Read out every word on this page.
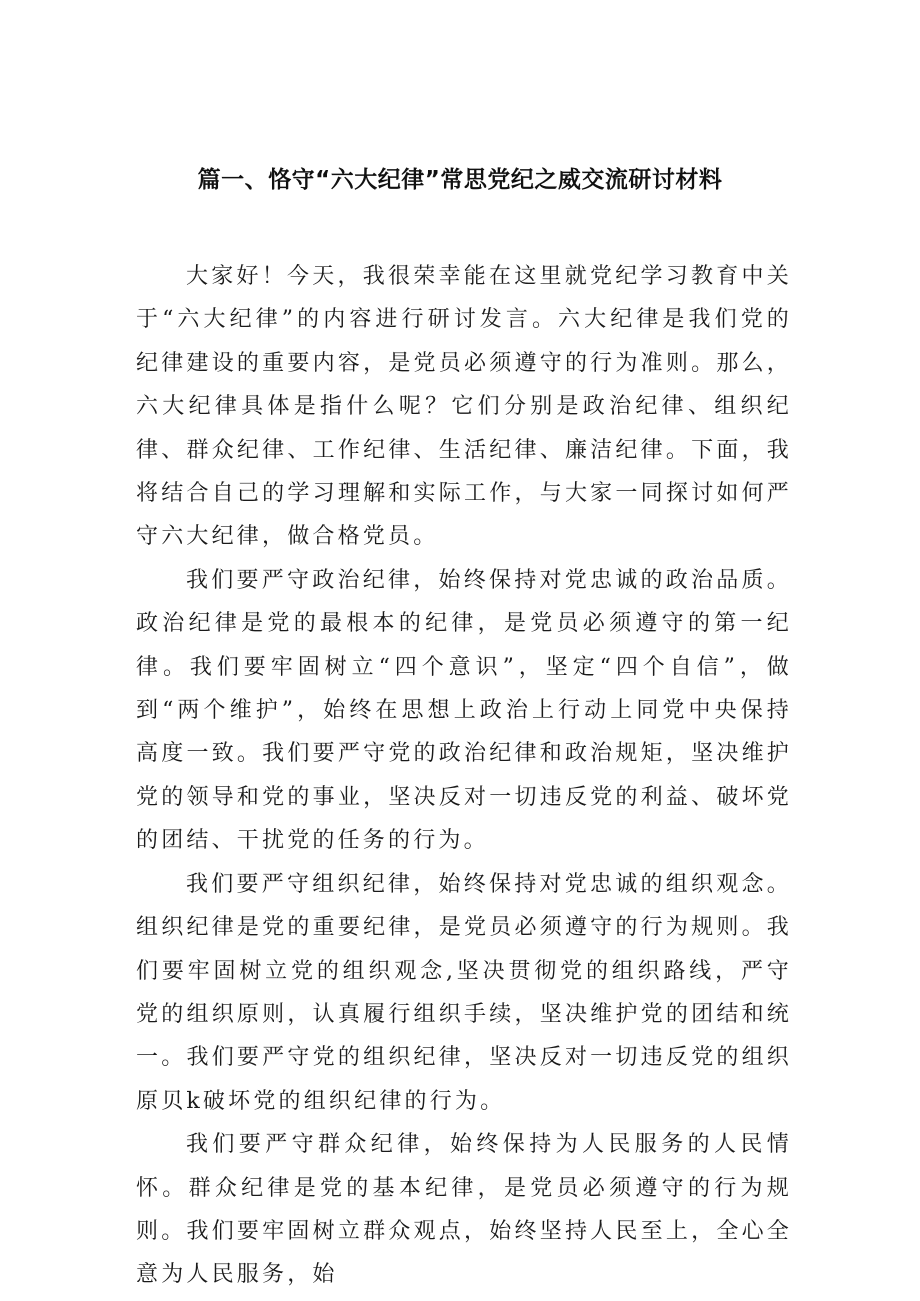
篇一、恪守“六大纪律”常思党纪之威交流研讨材料

大家好！今天，我很荣幸能在这里就党纪学习教育中关于“六大纪律”的内容进行研讨发言。六大纪律是我们党的纪律建设的重要内容，是党员必须遵守的行为准则。那么，六大纪律具体是指什么呢？它们分别是政治纪律、组织纪律、群众纪律、工作纪律、生活纪律、廉洁纪律。下面，我将结合自己的学习理解和实际工作，与大家一同探讨如何严守六大纪律，做合格党员。

我们要严守政治纪律，始终保持对党忠诚的政治品质。政治纪律是党的最根本的纪律，是党员必须遵守的第一纪律。我们要牢固树立“四个意识”，坚定“四个自信”，做到“两个维护”，始终在思想上政治上行动上同党中央保持高度一致。我们要严守党的政治纪律和政治规矩，坚决维护党的领导和党的事业，坚决反对一切违反党的利益、破坏党的团结、干扰党的任务的行为。

我们要严守组织纪律，始终保持对党忠诚的组织观念。组织纪律是党的重要纪律，是党员必须遵守的行为规则。我们要牢固树立党的组织观念,坚决贯彻党的组织路线，严守党的组织原则，认真履行组织手续，坚决维护党的团结和统一。我们要严守党的组织纪律，坚决反对一切违反党的组织原贝k破坏党的组织纪律的行为。

我们要严守群众纪律，始终保持为人民服务的人民情怀。群众纪律是党的基本纪律，是党员必须遵守的行为规则。我们要牢固树立群众观点，始终坚持人民至上，全心全意为人民服务，始
